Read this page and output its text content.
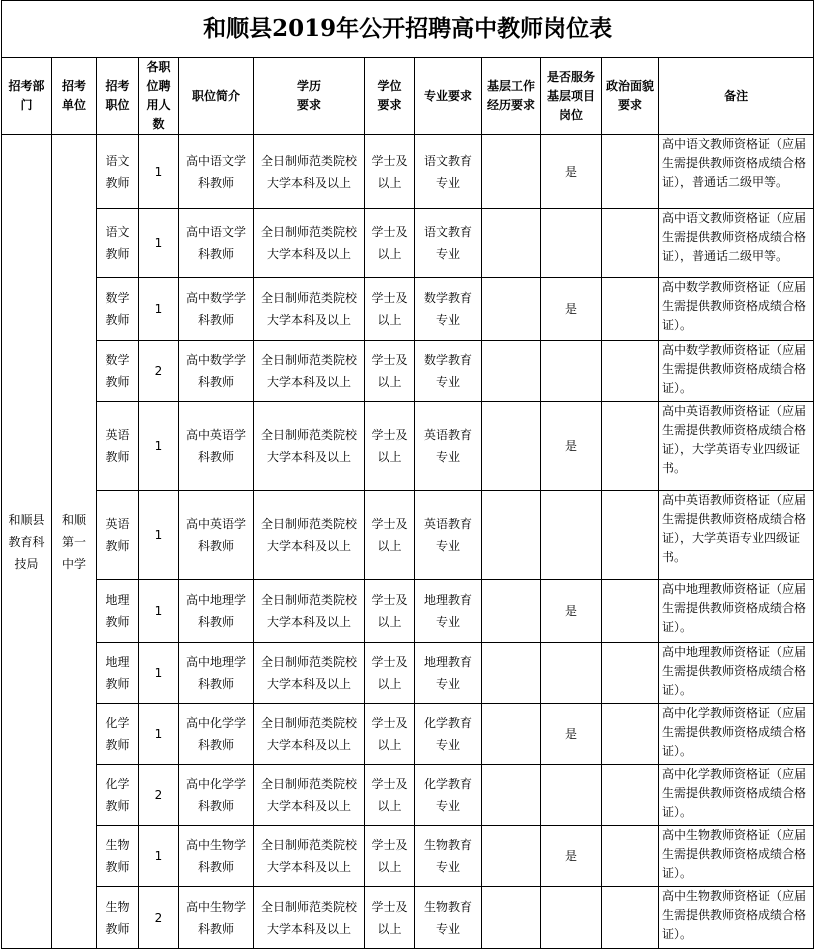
和顺县2019年公开招聘高中教师岗位表											
招考部门	招考单位	招考职位	各职位聘用人数	职位简介	学历要求	学位要求	专业要求	基层工作经历要求	是否服务基层项目岗位	政治面貌要求	备注
和顺县教育科技局	和顺第一中学	语文教师	1	高中语文学科教师	全日制师范类院校大学本科及以上	学士及以上	语文教育专业		是		高中语文教师资格证（应届生需提供教师资格成绩合格证），普通话二级甲等。
		语文教师	1	高中语文学科教师	全日制师范类院校大学本科及以上	学士及以上	语文教育专业				高中语文教师资格证（应届生需提供教师资格成绩合格证），普通话二级甲等。
		数学教师	1	高中数学学科教师	全日制师范类院校大学本科及以上	学士及以上	数学教育专业		是		高中数学教师资格证（应届生需提供教师资格成绩合格证）。
		数学教师	2	高中数学学科教师	全日制师范类院校大学本科及以上	学士及以上	数学教育专业				高中数学教师资格证（应届生需提供教师资格成绩合格证）。
		英语教师	1	高中英语学科教师	全日制师范类院校大学本科及以上	学士及以上	英语教育专业		是		高中英语教师资格证（应届生需提供教师资格成绩合格证），大学英语专业四级证书。
		英语教师	1	高中英语学科教师	全日制师范类院校大学本科及以上	学士及以上	英语教育专业				高中英语教师资格证（应届生需提供教师资格成绩合格证），大学英语专业四级证书。
		地理教师	1	高中地理学科教师	全日制师范类院校大学本科及以上	学士及以上	地理教育专业		是		高中地理教师资格证（应届生需提供教师资格成绩合格证）。
		地理教师	1	高中地理学科教师	全日制师范类院校大学本科及以上	学士及以上	地理教育专业				高中地理教师资格证（应届生需提供教师资格成绩合格证）。
		化学教师	1	高中化学学科教师	全日制师范类院校大学本科及以上	学士及以上	化学教育专业		是		高中化学教师资格证（应届生需提供教师资格成绩合格证）。
		化学教师	2	高中化学学科教师	全日制师范类院校大学本科及以上	学士及以上	化学教育专业				高中化学教师资格证（应届生需提供教师资格成绩合格证）。
		生物教师	1	高中生物学科教师	全日制师范类院校大学本科及以上	学士及以上	生物教育专业		是		高中生物教师资格证（应届生需提供教师资格成绩合格证）。
		生物教师	2	高中生物学科教师	全日制师范类院校大学本科及以上	学士及以上	生物教育专业				高中生物教师资格证（应届生需提供教师资格成绩合格证）。
